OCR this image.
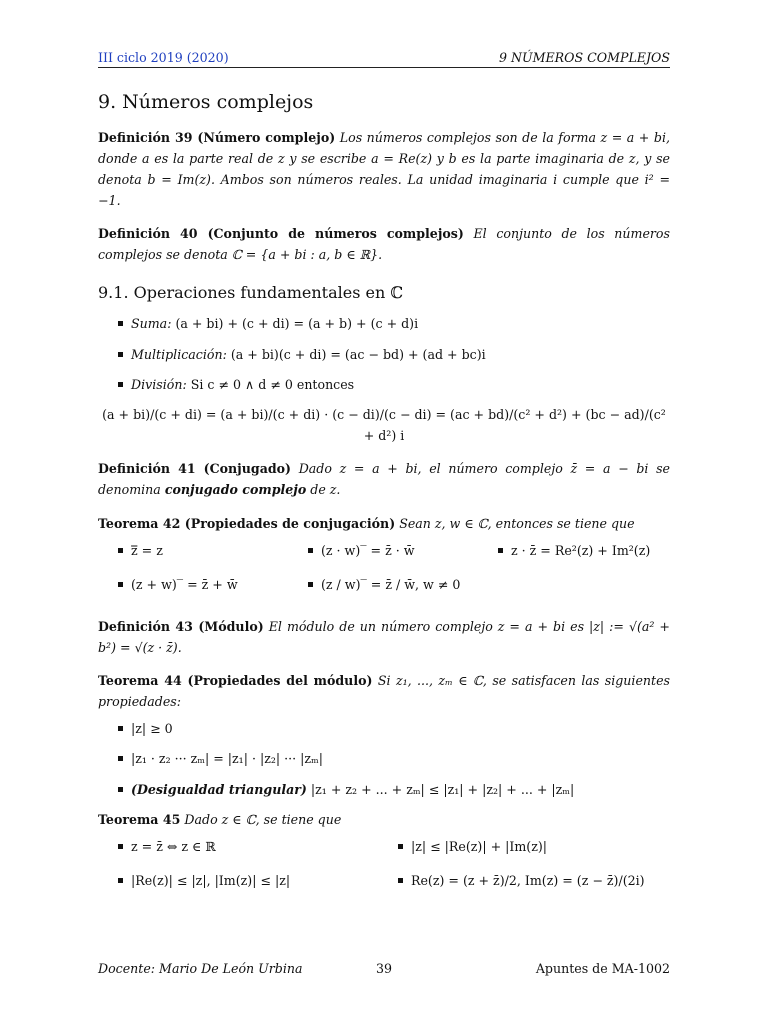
III ciclo 2019 (2020)	9 NÚMEROS COMPLEJOS
9. Números complejos

Definición 39 (Número complejo) Los números complejos son de la forma z = a + bi, donde a es la parte real de z y se escribe a = Re(z) y b es la parte imaginaria de z, y se denota b = Im(z). Ambos son números reales. La unidad imaginaria i cumple que i² = −1.

Definición 40 (Conjunto de números complejos) El conjunto de los números complejos se denota ℂ = {a + bi : a, b ∈ ℝ}.

9.1. Operaciones fundamentales en ℂ
Suma: (a + bi) + (c + di) = (a + b) + (c + d)i
Multiplicación: (a + bi)(c + di) = (ac − bd) + (ad + bc)i
División: Si c ≠ 0 ∧ d ≠ 0 entonces
(a + bi)/(c + di) = (a + bi)/(c + di) · (c − di)/(c − di) = (ac + bd)/(c² + d²) + (bc − ad)/(c² + d²) i

Definición 41 (Conjugado) Dado z = a + bi, el número complejo z̄ = a − bi se denomina conjugado complejo de z.

Teorema 42 (Propiedades de conjugación) Sean z, w ∈ ℂ, entonces se tiene que

z̿ = z	(z · w)‾ = z̄ · w̄	z · z̄ = Re²(z) + Im²(z)
(z + w)‾ = z̄ + w̄	(z / w)‾ = z̄ / w̄, w ≠ 0

Definición 43 (Módulo) El módulo de un número complejo z = a + bi es |z| := √(a² + b²) = √(z · z̄).

Teorema 44 (Propiedades del módulo) Si z₁, ..., zₘ ∈ ℂ, se satisfacen las siguientes propiedades:

|z| ≥ 0
|z₁ · z₂ ··· zₘ| = |z₁| · |z₂| ··· |zₘ|
(Desigualdad triangular) |z₁ + z₂ + ... + zₘ| ≤ |z₁| + |z₂| + ... + |zₘ|

Teorema 45 Dado z ∈ ℂ, se tiene que

z = z̄ ⇔ z ∈ ℝ	|z| ≤ |Re(z)| + |Im(z)|
|Re(z)| ≤ |z|, |Im(z)| ≤ |z|	Re(z) = (z + z̄)/2, Im(z) = (z − z̄)/(2i)
Docente: Mario De León Urbina	39	Apuntes de MA-1002
